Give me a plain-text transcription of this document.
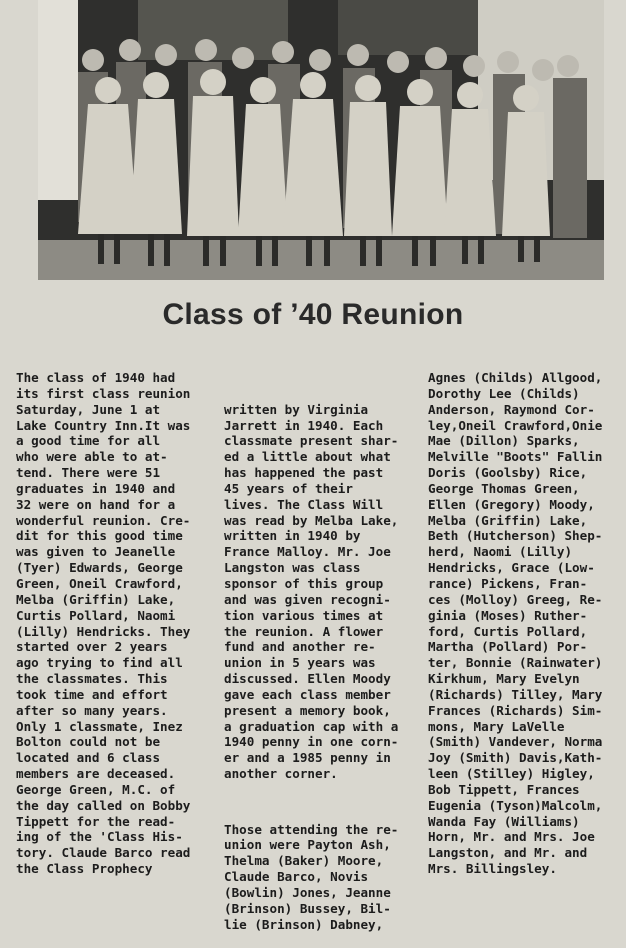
Class of ’40 Reunion
The class of 1940 had
its first class reunion
Saturday, June 1 at
Lake Country Inn.It was
a good time for all
who were able to at-
tend. There were 51
graduates in 1940 and
32 were on hand for a
wonderful reunion. Cre-
dit for this good time
was given to Jeanelle
(Tyer) Edwards, George
Green, Oneil Crawford,
Melba (Griffin) Lake,
Curtis Pollard, Naomi
(Lilly) Hendricks. They
started over 2 years
ago trying to find all
the classmates. This
took time and effort
after so many years.
Only 1 classmate, Inez
Bolton could not be
located and 6 class
members are deceased.
George Green, M.C. of
the day called on Bobby
Tippett for the read-
ing of the 'Class His-
tory. Claude Barco read
the Class Prophecy

written by Virginia
Jarrett in 1940. Each
classmate present shar-
ed a little about what
has happened the past
45 years of their
lives. The Class Will
was read by Melba Lake,
written in 1940 by
France Malloy. Mr. Joe
Langston was class
sponsor of this group
and was given recogni-
tion various times at
the reunion. A flower
fund and another re-
union in 5 years was
discussed. Ellen Moody
gave each class member
present a memory book,
a graduation cap with a
1940 penny in one corn-
er and a 1985 penny in
another corner.

Those attending the re-
union were Payton Ash,
Thelma (Baker) Moore,
Claude Barco, Novis
(Bowlin) Jones, Jeanne
(Brinson) Bussey, Bil-
lie (Brinson) Dabney,

Agnes (Childs) Allgood,
Dorothy Lee (Childs)
Anderson, Raymond Cor-
ley,Oneil Crawford,Onie
Mae (Dillon) Sparks,
Melville "Boots" Fallin
Doris (Goolsby) Rice,
George Thomas Green,
Ellen (Gregory) Moody,
Melba (Griffin) Lake,
Beth (Hutcherson) Shep-
herd, Naomi (Lilly)
Hendricks, Grace (Low-
rance) Pickens, Fran-
ces (Molloy) Greeg, Re-
ginia (Moses) Ruther-
ford, Curtis Pollard,
Martha (Pollard) Por-
ter, Bonnie (Rainwater)
Kirkhum, Mary Evelyn
(Richards) Tilley, Mary
Frances (Richards) Sim-
mons, Mary LaVelle
(Smith) Vandever, Norma
Joy (Smith) Davis,Kath-
leen (Stilley) Higley,
Bob Tippett, Frances
Eugenia (Tyson)Malcolm,
Wanda Fay (Williams)
Horn, Mr. and Mrs. Joe
Langston, and Mr. and
Mrs. Billingsley.
